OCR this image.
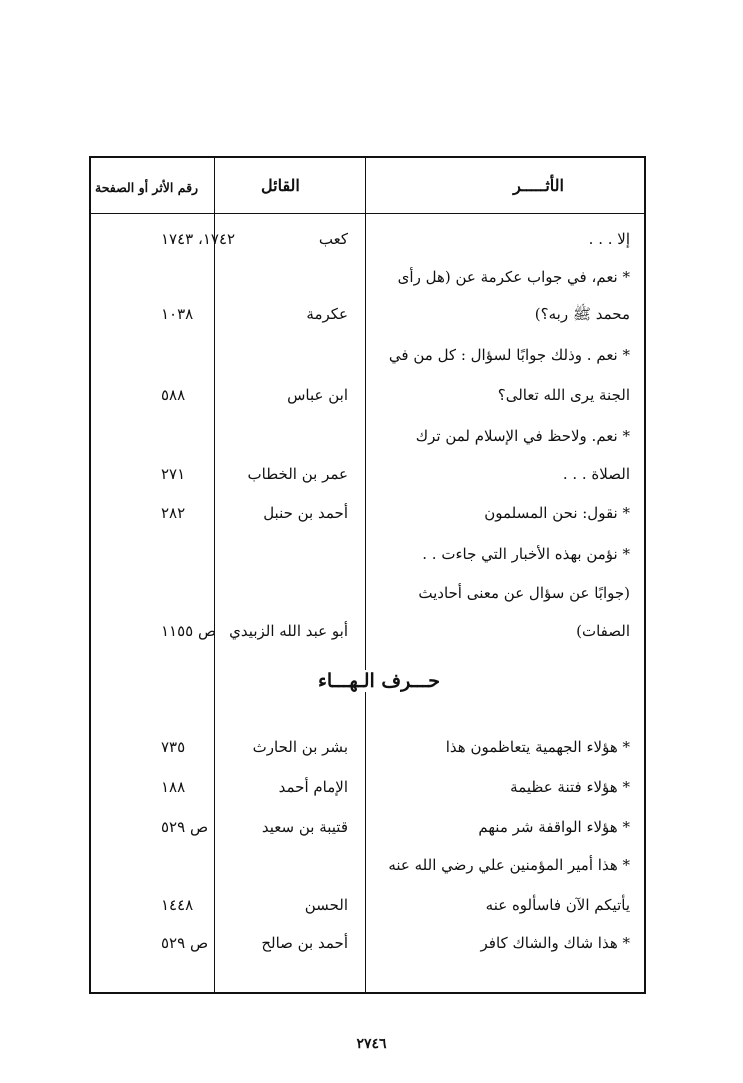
الأثـــــر
القائل
رقم الأثر أو الصفحة
إلا . . .
كعب
١٧٤٢، ١٧٤٣
* نعم، في جواب عكرمة عن (هل رأى
محمد ﷺ ربه؟)
عكرمة
١٠٣٨
* نعم . وذلك جوابًا لسؤال : كل من في
الجنة يرى الله تعالى؟
ابن عباس
٥٨٨
* نعم. ولاحظ في الإسلام لمن ترك
الصلاة . . .
عمر بن الخطاب
٢٧١
* نقول: نحن المسلمون
أحمد بن حنبل
٢٨٢
* نؤمن بهذه الأخبار التي جاءت . .
(جوابًا عن سؤال عن معنى أحاديث
الصفات)
أبو عبد الله الزبيدي
ص ١١٥٥
* هؤلاء الجهمية يتعاظمون هذا
بشر بن الحارث
٧٣٥
* هؤلاء فتنة عظيمة
الإمام أحمد
١٨٨
* هؤلاء الواقفة شر منهم
قتيبة بن سعيد
ص ٥٢٩
* هذا أمير المؤمنين علي رضي الله عنه
يأتيكم الآن فاسألوه عنه
الحسن
١٤٤٨
* هذا شاك والشاك كافر
أحمد بن صالح
ص ٥٢٩
حـــرف الـهـــاء
٢٧٤٦
